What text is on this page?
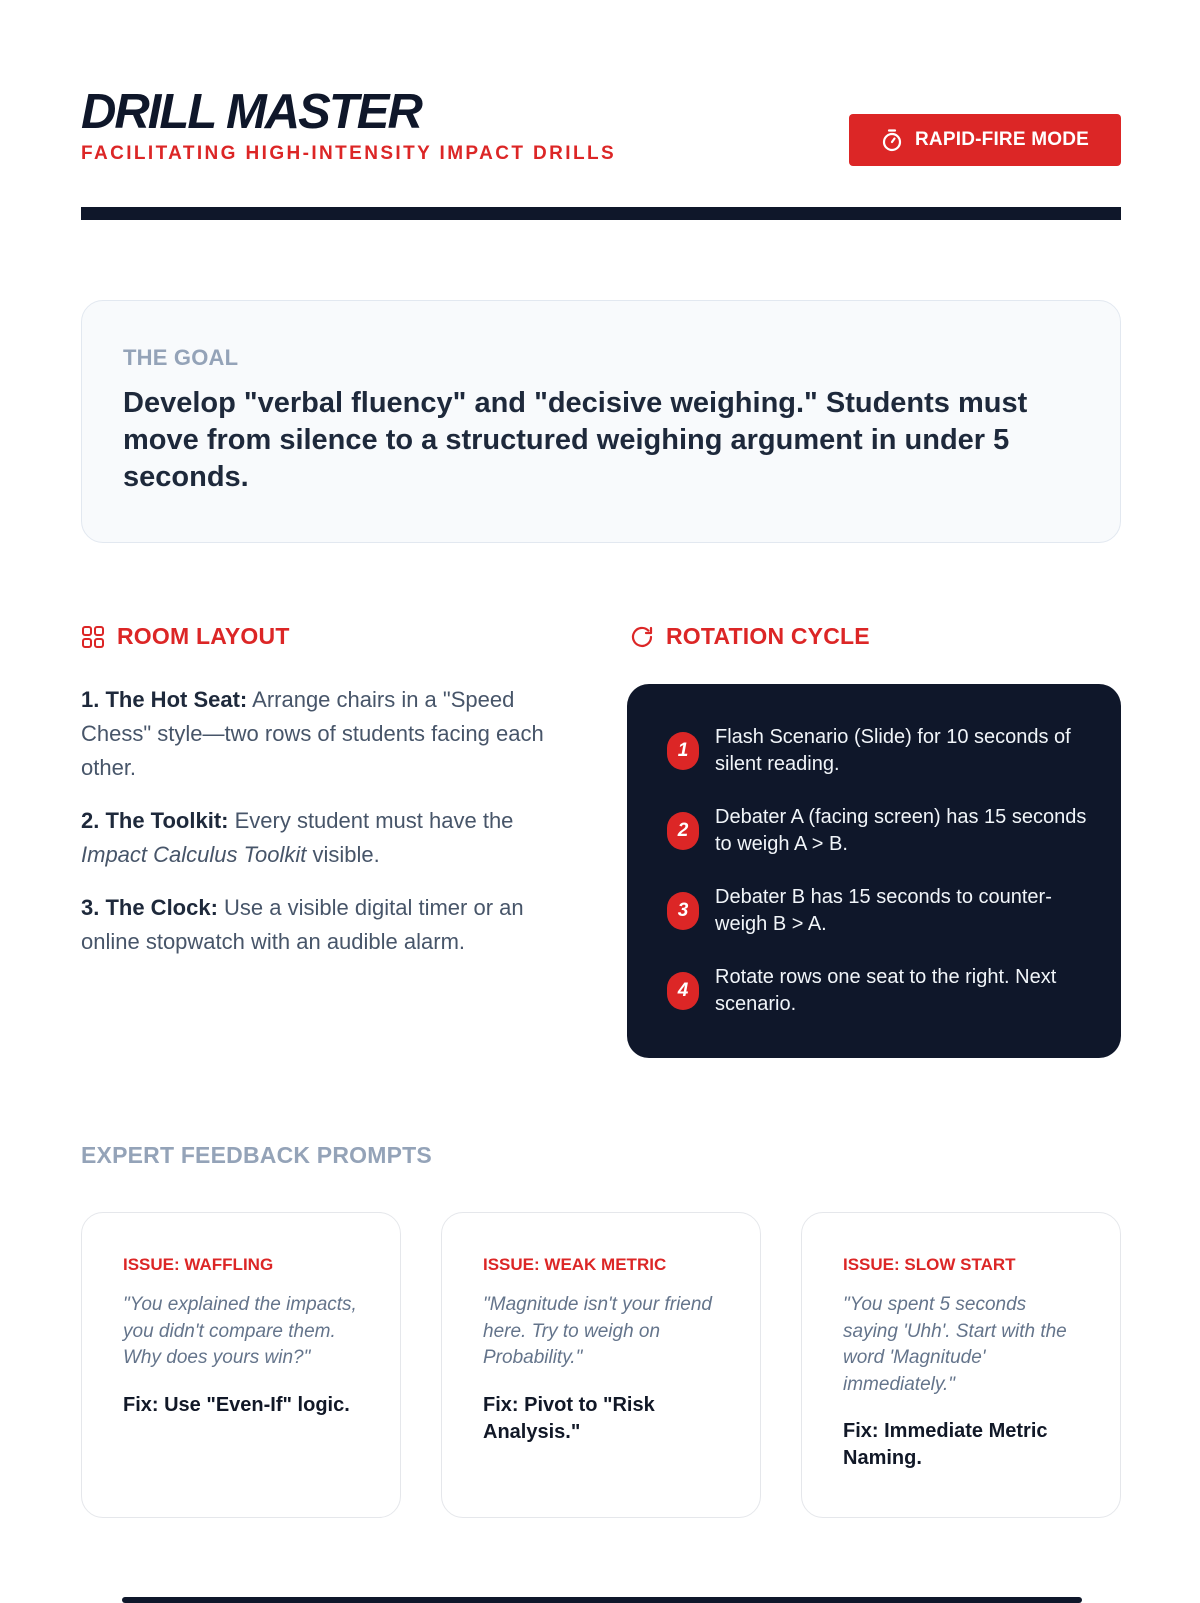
DRILL MASTER
FACILITATING HIGH-INTENSITY IMPACT DRILLS
RAPID-FIRE MODE
THE GOAL
Develop "verbal fluency" and "decisive weighing." Students must move from silence to a structured weighing argument in under 5 seconds.
ROOM LAYOUT

1. The Hot Seat: Arrange chairs in a "Speed Chess" style—two rows of students facing each other.

2. The Toolkit: Every student must have the Impact Calculus Toolkit visible.

3. The Clock: Use a visible digital timer or an online stopwatch with an audible alarm.

ROTATION CYCLE
1
Flash Scenario (Slide) for 10 seconds of silent reading.
2
Debater A (facing screen) has 15 seconds to weigh A > B.
3
Debater B has 15 seconds to counter-weigh B > A.
4
Rotate rows one seat to the right. Next scenario.
EXPERT FEEDBACK PROMPTS
ISSUE: WAFFLING
"You explained the impacts, you didn't compare them. Why does yours win?"
Fix: Use "Even-If" logic.
ISSUE: WEAK METRIC
"Magnitude isn't your friend here. Try to weigh on Probability."
Fix: Pivot to "Risk Analysis."
ISSUE: SLOW START
"You spent 5 seconds saying 'Uhh'. Start with the word 'Magnitude' immediately."
Fix: Immediate Metric Naming.
